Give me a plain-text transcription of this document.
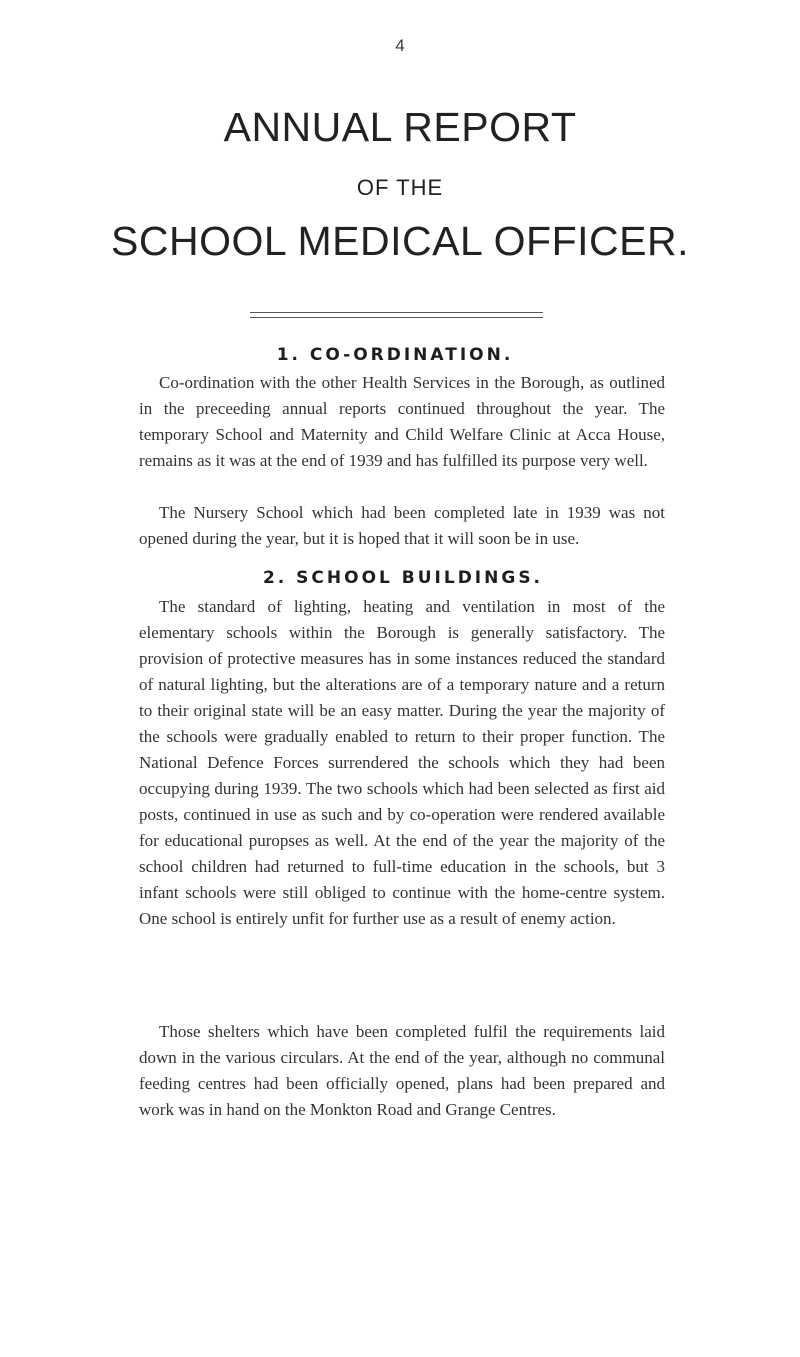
4
ANNUAL REPORT
OF THE
SCHOOL MEDICAL OFFICER.
1. CO-ORDINATION.

Co-ordination with the other Health Services in the Borough, as outlined in the preceeding annual reports continued throughout the year. The temporary School and Maternity and Child Welfare Clinic at Acca House, remains as it was at the end of 1939 and has fulfilled its purpose very well.

The Nursery School which had been completed late in 1939 was not opened during the year, but it is hoped that it will soon be in use.

2. SCHOOL BUILDINGS.

The standard of lighting, heating and ventilation in most of the elementary schools within the Borough is generally satisfactory. The provision of protective measures has in some instances reduced the standard of natural lighting, but the alterations are of a temporary nature and a return to their original state will be an easy matter. During the year the majority of the schools were gradually enabled to return to their proper function. The National Defence Forces surrendered the schools which they had been occupying during 1939. The two schools which had been selected as first aid posts, continued in use as such and by co-operation were rendered available for educational puropses as well. At the end of the year the majority of the school children had returned to full-time education in the schools, but 3 infant schools were still obliged to continue with the home-centre system. One school is entirely unfit for further use as a result of enemy action.

Those shelters which have been completed fulfil the requirements laid down in the various circulars. At the end of the year, although no communal feeding centres had been officially opened, plans had been prepared and work was in hand on the Monkton Road and Grange Centres.
